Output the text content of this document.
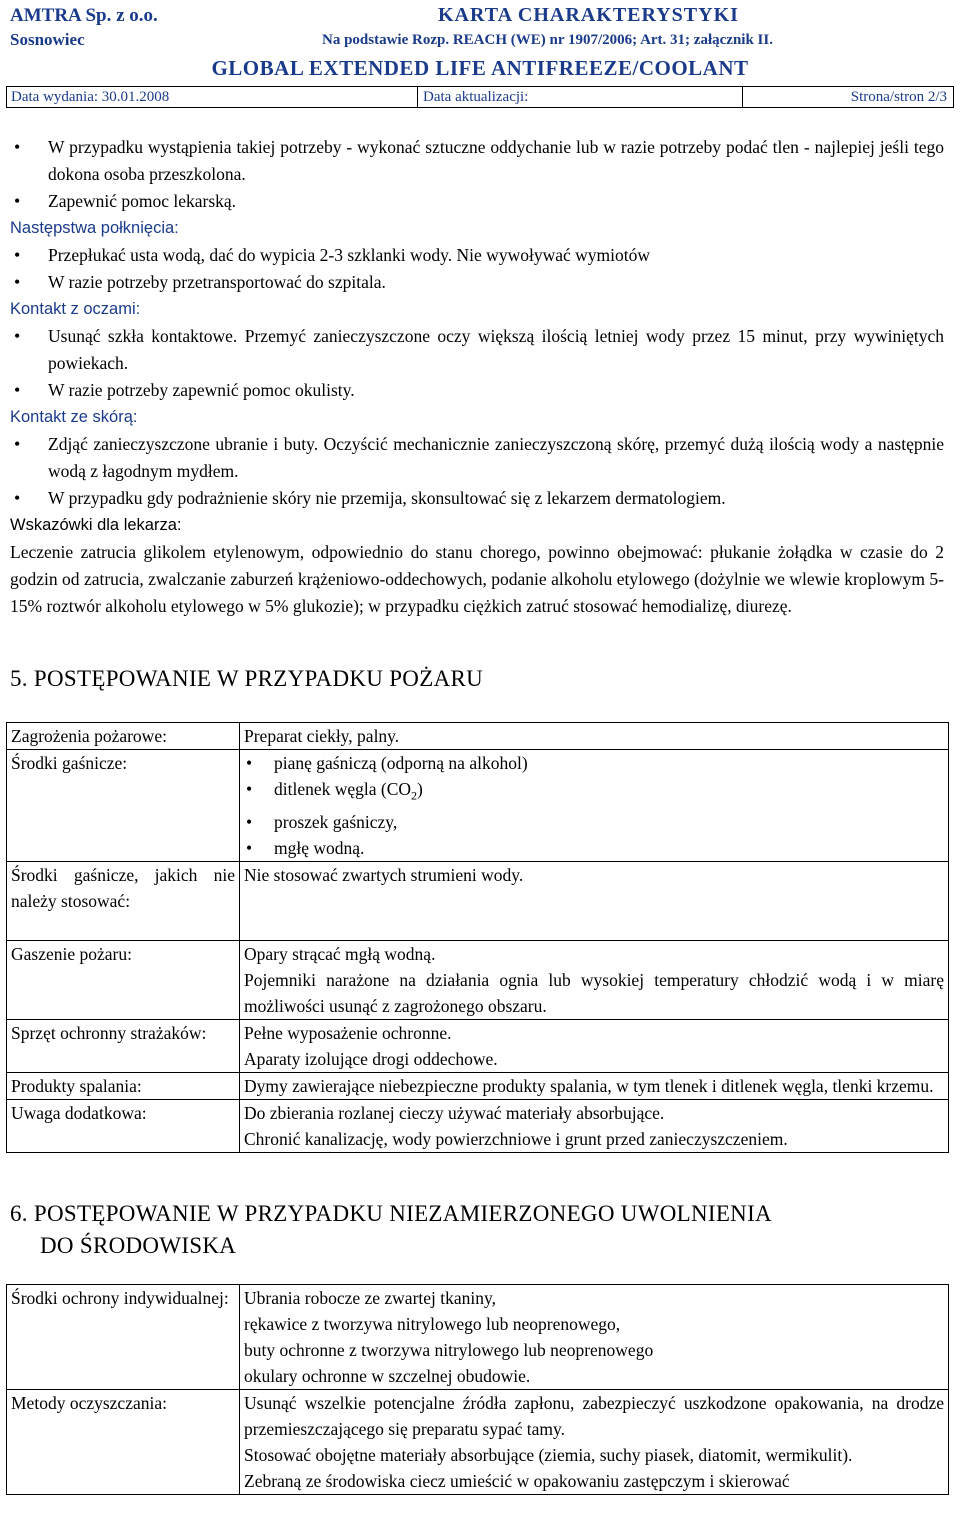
AMTRA Sp. z o.o.
Sosnowiec
KARTA CHARAKTERYSTYKI
Na podstawie Rozp. REACH (WE) nr 1907/2006; Art. 31; załącznik II.
GLOBAL EXTENDED LIFE ANTIFREEZE/COOLANT
Data wydania: 30.01.2008	Data aktualizacji:	Strona/stron 2/3
• W przypadku wystąpienia takiej potrzeby - wykonać sztuczne oddychanie lub w razie potrzeby podać tlen - najlepiej jeśli tego dokona osoba przeszkolona.
• Zapewnić pomoc lekarską.
Następstwa połknięcia:
• Przepłukać usta wodą, dać do wypicia 2-3 szklanki wody. Nie wywoływać wymiotów
• W razie potrzeby przetransportować do szpitala.
Kontakt z oczami:
• Usunąć szkła kontaktowe. Przemyć zanieczyszczone oczy większą ilością letniej wody przez 15 minut, przy wywiniętych powiekach.
• W razie potrzeby zapewnić pomoc okulisty.
Kontakt ze skórą:
• Zdjąć zanieczyszczone ubranie i buty. Oczyścić mechanicznie zanieczyszczoną skórę, przemyć dużą ilością wody a następnie wodą z łagodnym mydłem.
• W przypadku gdy podrażnienie skóry nie przemija, skonsultować się z lekarzem dermatologiem.
Wskazówki dla lekarza:

Leczenie zatrucia glikolem etylenowym, odpowiednio do stanu chorego, powinno obejmować: płukanie żołądka w czasie do 2 godzin od zatrucia, zwalczanie zaburzeń krążeniowo-oddechowych, podanie alkoholu etylowego (dożylnie we wlewie kroplowym 5-15% roztwór alkoholu etylowego w 5% glukozie); w przypadku ciężkich zatruć stosować hemodializę, diurezę.

5. POSTĘPOWANIE W PRZYPADKU POŻARU
Zagrożenia pożarowe:	Preparat ciekły, palny.
Środki gaśnicze:	• pianę gaśniczą (odporną na alkohol)
• ditlenek węgla $(CO_2)$
• proszek gaśniczy,
• mgłę wodną.

Środki gaśnicze, jakich nie należy stosować:	Nie stosować zwartych strumieni wody.
Gaszenie pożaru:	Opary strącać mgłą wodną.
Pojemniki narażone na działania ognia lub wysokiej temperatury chłodzić wodą i w miarę możliwości usunąć z zagrożonego obszaru.

Sprzęt ochronny strażaków:	Pełne wyposażenie ochronne.
Aparaty izolujące drogi oddechowe.

Produkty spalania:	Dymy zawierające niebezpieczne produkty spalania, w tym tlenek i ditlenek węgla, tlenki krzemu.
Uwaga dodatkowa:	Do zbierania rozlanej cieczy używać materiały absorbujące.
Chronić kanalizację, wody powierzchniowe i grunt przed zanieczyszczeniem.
6. POSTĘPOWANIE W PRZYPADKU NIEZAMIERZONEGO UWOLNIENIA
DO ŚRODOWISKA
Środki ochrony indywidualnej:	Ubrania robocze ze zwartej tkaniny,
rękawice z tworzywa nitrylowego lub neoprenowego,
buty ochronne z tworzywa nitrylowego lub neoprenowego
okulary ochronne w szczelnej obudowie.

Metody oczyszczania:	Usunąć wszelkie potencjalne źródła zapłonu, zabezpieczyć uszkodzone opakowania, na drodze przemieszczającego się preparatu sypać tamy.
Stosować obojętne materiały absorbujące (ziemia, suchy piasek, diatomit, wermikulit).
Zebraną ze środowiska ciecz umieścić w opakowaniu zastępczym i skierować
